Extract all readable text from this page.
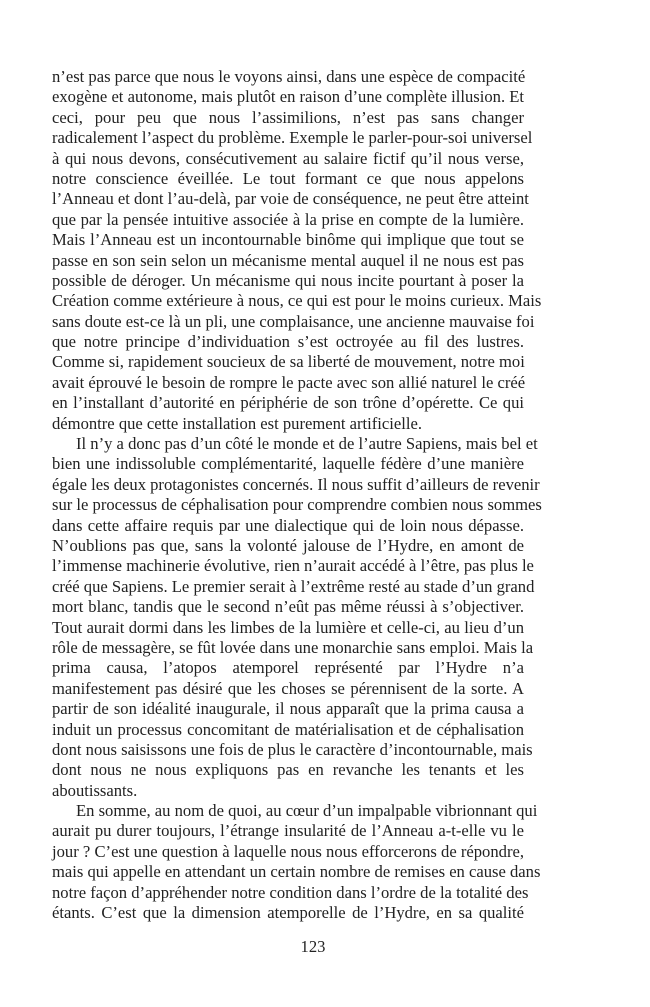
n’est pas parce que nous le voyons ainsi, dans une espèce de compacité
exogène et autonome, mais plutôt en raison d’une complète illusion. Et
ceci, pour peu que nous l’assimilions, n’est pas sans changer
radicalement l’aspect du problème. Exemple le parler-pour-soi universel
à qui nous devons, consécutivement au salaire fictif qu’il nous verse,
notre conscience éveillée. Le tout formant ce que nous appelons
l’Anneau et dont l’au-delà, par voie de conséquence, ne peut être atteint
que par la pensée intuitive associée à la prise en compte de la lumière.
Mais l’Anneau est un incontournable binôme qui implique que tout se
passe en son sein selon un mécanisme mental auquel il ne nous est pas
possible de déroger. Un mécanisme qui nous incite pourtant à poser la
Création comme extérieure à nous, ce qui est pour le moins curieux. Mais
sans doute est-ce là un pli, une complaisance, une ancienne mauvaise foi
que notre principe d’individuation s’est octroyée au fil des lustres.
Comme si, rapidement soucieux de sa liberté de mouvement, notre moi
avait éprouvé le besoin de rompre le pacte avec son allié naturel le créé
en l’installant d’autorité en périphérie de son trône d’opérette. Ce qui
démontre que cette installation est purement artificielle.
Il n’y a donc pas d’un côté le monde et de l’autre Sapiens, mais bel et
bien une indissoluble complémentarité, laquelle fédère d’une manière
égale les deux protagonistes concernés. Il nous suffit d’ailleurs de revenir
sur le processus de céphalisation pour comprendre combien nous sommes
dans cette affaire requis par une dialectique qui de loin nous dépasse.
N’oublions pas que, sans la volonté jalouse de l’Hydre, en amont de
l’immense machinerie évolutive, rien n’aurait accédé à l’être, pas plus le
créé que Sapiens. Le premier serait à l’extrême resté au stade d’un grand
mort blanc, tandis que le second n’eût pas même réussi à s’objectiver.
Tout aurait dormi dans les limbes de la lumière et celle-ci, au lieu d’un
rôle de messagère, se fût lovée dans une monarchie sans emploi. Mais la
prima causa, l’atopos atemporel représenté par l’Hydre n’a
manifestement pas désiré que les choses se pérennisent de la sorte. A
partir de son idéalité inaugurale, il nous apparaît que la prima causa a
induit un processus concomitant de matérialisation et de céphalisation
dont nous saisissons une fois de plus le caractère d’incontournable, mais
dont nous ne nous expliquons pas en revanche les tenants et les
aboutissants.
En somme, au nom de quoi, au cœur d’un impalpable vibrionnant qui
aurait pu durer toujours, l’étrange insularité de l’Anneau a-t-elle vu le
jour ? C’est une question à laquelle nous nous efforcerons de répondre,
mais qui appelle en attendant un certain nombre de remises en cause dans
notre façon d’appréhender notre condition dans l’ordre de la totalité des
étants. C’est que la dimension atemporelle de l’Hydre, en sa qualité
123
